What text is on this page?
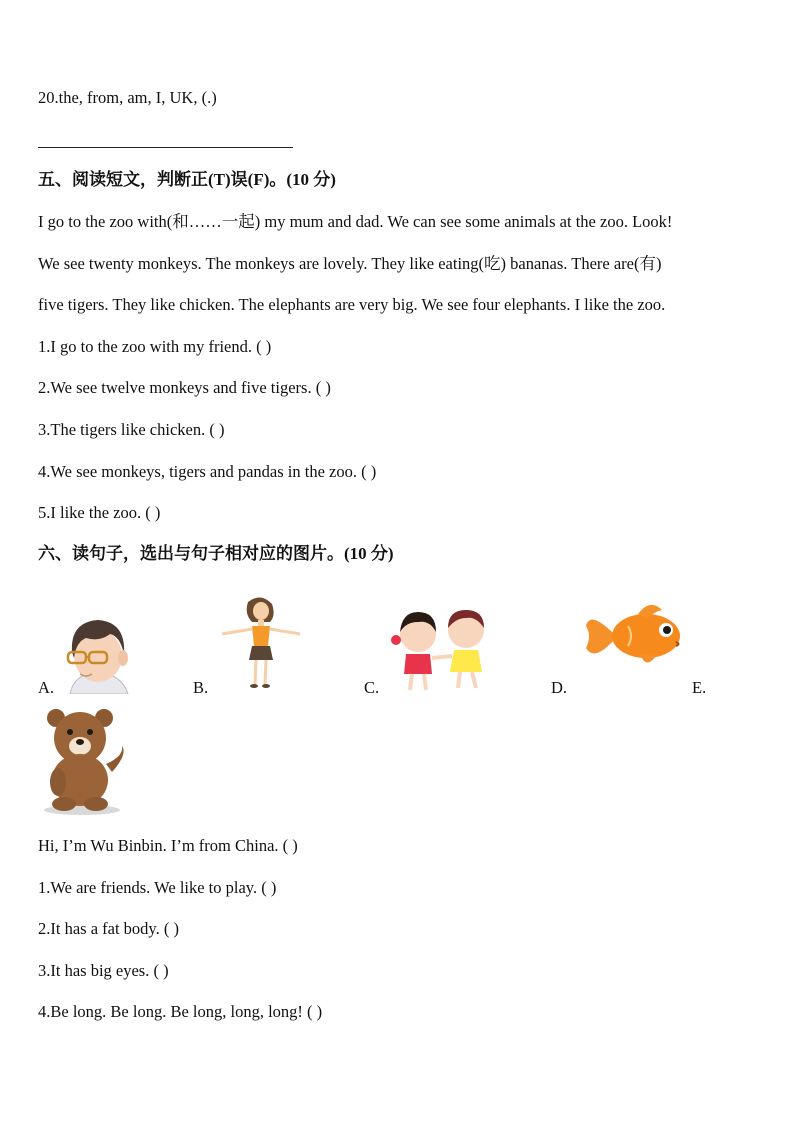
20.the, from, am, I, UK, (.)
五、阅读短文，判断正(T)误(F)。(10 分)
I go to the zoo with(和……一起) my mum and dad. We can see some animals at the zoo. Look!
We see twenty monkeys. The monkeys are lovely. They like eating(吃) bananas. There are(有)
five tigers. They like chicken. The elephants are very big. We see four elephants. I like the zoo.
1.I go to the zoo with my friend. ( )
2.We see twelve monkeys and five tigers. ( )
3.The tigers like chicken. ( )
4.We see monkeys, tigers and pandas in the zoo. ( )
5.I like the zoo. ( )
六、读句子，选出与句子相对应的图片。(10 分)
A.	B.	C.	D.	E.
Hi, I’m Wu Binbin. I’m from China. ( )
1.We are friends. We like to play. ( )
2.It has a fat body. ( )
3.It has big eyes. ( )
4.Be long. Be long. Be long, long, long! ( )
